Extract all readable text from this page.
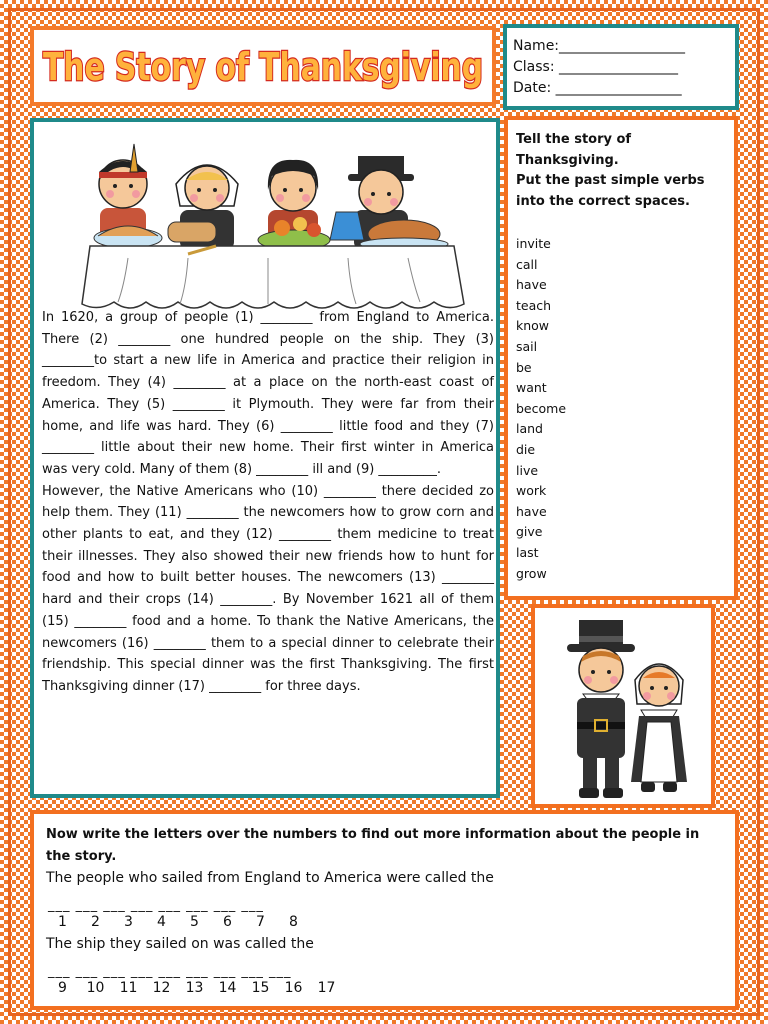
The Story of Thanksgiving	Name:__________________
Class: _________________
Date: __________________
In 1620, a group of people (1) ________ from England to America. There (2) ________ one hundred people on the ship. They (3) ________to start a new life in America and practice their religion in freedom. They (4) ________ at a place on the north-east coast of America. They (5) ________ it Plymouth. They were far from their home, and life was hard. They (6) ________ little food and they (7) ________ little about their new home. Their first winter in America was very cold. Many of them (8) ________ ill and (9) _________.
However, the Native Americans who (10) ________ there decided zo help them. They (11) ________ the newcomers how to grow corn and other plants to eat, and they (12) ________ them medicine to treat their illnesses. They also showed their new friends how to hunt for food and how to built better houses. The newcomers (13) ________ hard and their crops (14) ________. By November 1621 all of them (15) ________ food and a home. To thank the Native Americans, the newcomers (16) ________ them to a special dinner to celebrate their friendship. This special dinner was the first Thanksgiving. The first Thanksgiving dinner (17) ________ for three days.
Tell the story of Thanksgiving.
Put the past simple verbs into the correct spaces.
invite
call
have
teach
know
sail
be
want
become
land
die
live
work
have
give
last
grow
Now write the letters over the numbers to find out more information about the people in the story.
The people who sailed from England to America were called the
___ ___ ___ ___ ___ ___ ___ ___
1	2	3	4	5	6	7	8
The ship they sailed on was called the
___ ___ ___ ___ ___ ___ ___ ___ ___
9	10	11	12	13	14	15	16	17
